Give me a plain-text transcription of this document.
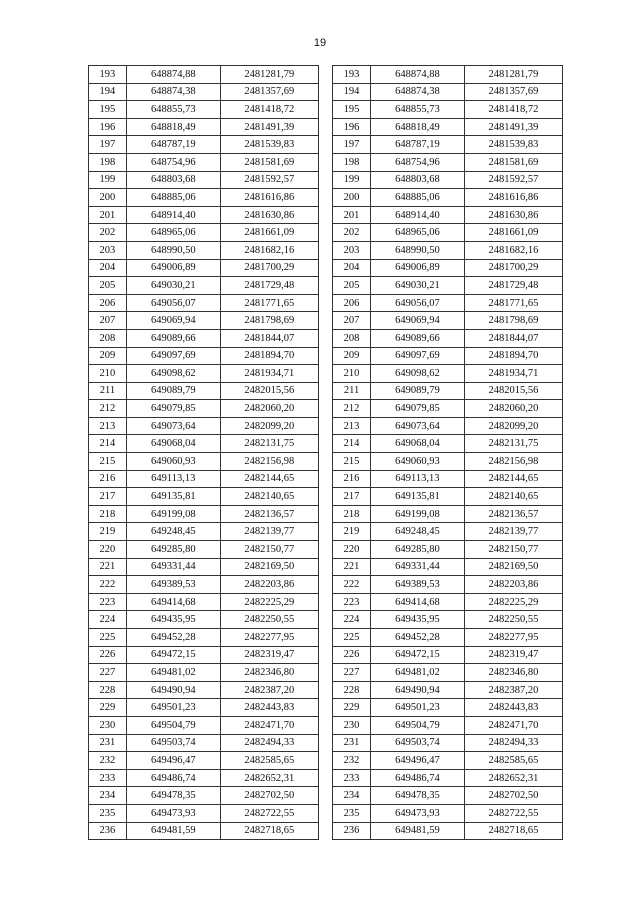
19
193	648874,88	2481281,79		193	648874,88	2481281,79
194	648874,38	2481357,69		194	648874,38	2481357,69
195	648855,73	2481418,72		195	648855,73	2481418,72
196	648818,49	2481491,39		196	648818,49	2481491,39
197	648787,19	2481539,83		197	648787,19	2481539,83
198	648754,96	2481581,69		198	648754,96	2481581,69
199	648803,68	2481592,57		199	648803,68	2481592,57
200	648885,06	2481616,86		200	648885,06	2481616,86
201	648914,40	2481630,86		201	648914,40	2481630,86
202	648965,06	2481661,09		202	648965,06	2481661,09
203	648990,50	2481682,16		203	648990,50	2481682,16
204	649006,89	2481700,29		204	649006,89	2481700,29
205	649030,21	2481729,48		205	649030,21	2481729,48
206	649056,07	2481771,65		206	649056,07	2481771,65
207	649069,94	2481798,69		207	649069,94	2481798,69
208	649089,66	2481844,07		208	649089,66	2481844,07
209	649097,69	2481894,70		209	649097,69	2481894,70
210	649098,62	2481934,71		210	649098,62	2481934,71
211	649089,79	2482015,56		211	649089,79	2482015,56
212	649079,85	2482060,20		212	649079,85	2482060,20
213	649073,64	2482099,20		213	649073,64	2482099,20
214	649068,04	2482131,75		214	649068,04	2482131,75
215	649060,93	2482156,98		215	649060,93	2482156,98
216	649113,13	2482144,65		216	649113,13	2482144,65
217	649135,81	2482140,65		217	649135,81	2482140,65
218	649199,08	2482136,57		218	649199,08	2482136,57
219	649248,45	2482139,77		219	649248,45	2482139,77
220	649285,80	2482150,77		220	649285,80	2482150,77
221	649331,44	2482169,50		221	649331,44	2482169,50
222	649389,53	2482203,86		222	649389,53	2482203,86
223	649414,68	2482225,29		223	649414,68	2482225,29
224	649435,95	2482250,55		224	649435,95	2482250,55
225	649452,28	2482277,95		225	649452,28	2482277,95
226	649472,15	2482319,47		226	649472,15	2482319,47
227	649481,02	2482346,80		227	649481,02	2482346,80
228	649490,94	2482387,20		228	649490,94	2482387,20
229	649501,23	2482443,83		229	649501,23	2482443,83
230	649504,79	2482471,70		230	649504,79	2482471,70
231	649503,74	2482494,33		231	649503,74	2482494,33
232	649496,47	2482585,65		232	649496,47	2482585,65
233	649486,74	2482652,31		233	649486,74	2482652,31
234	649478,35	2482702,50		234	649478,35	2482702,50
235	649473,93	2482722,55		235	649473,93	2482722,55
236	649481,59	2482718,65		236	649481,59	2482718,65
